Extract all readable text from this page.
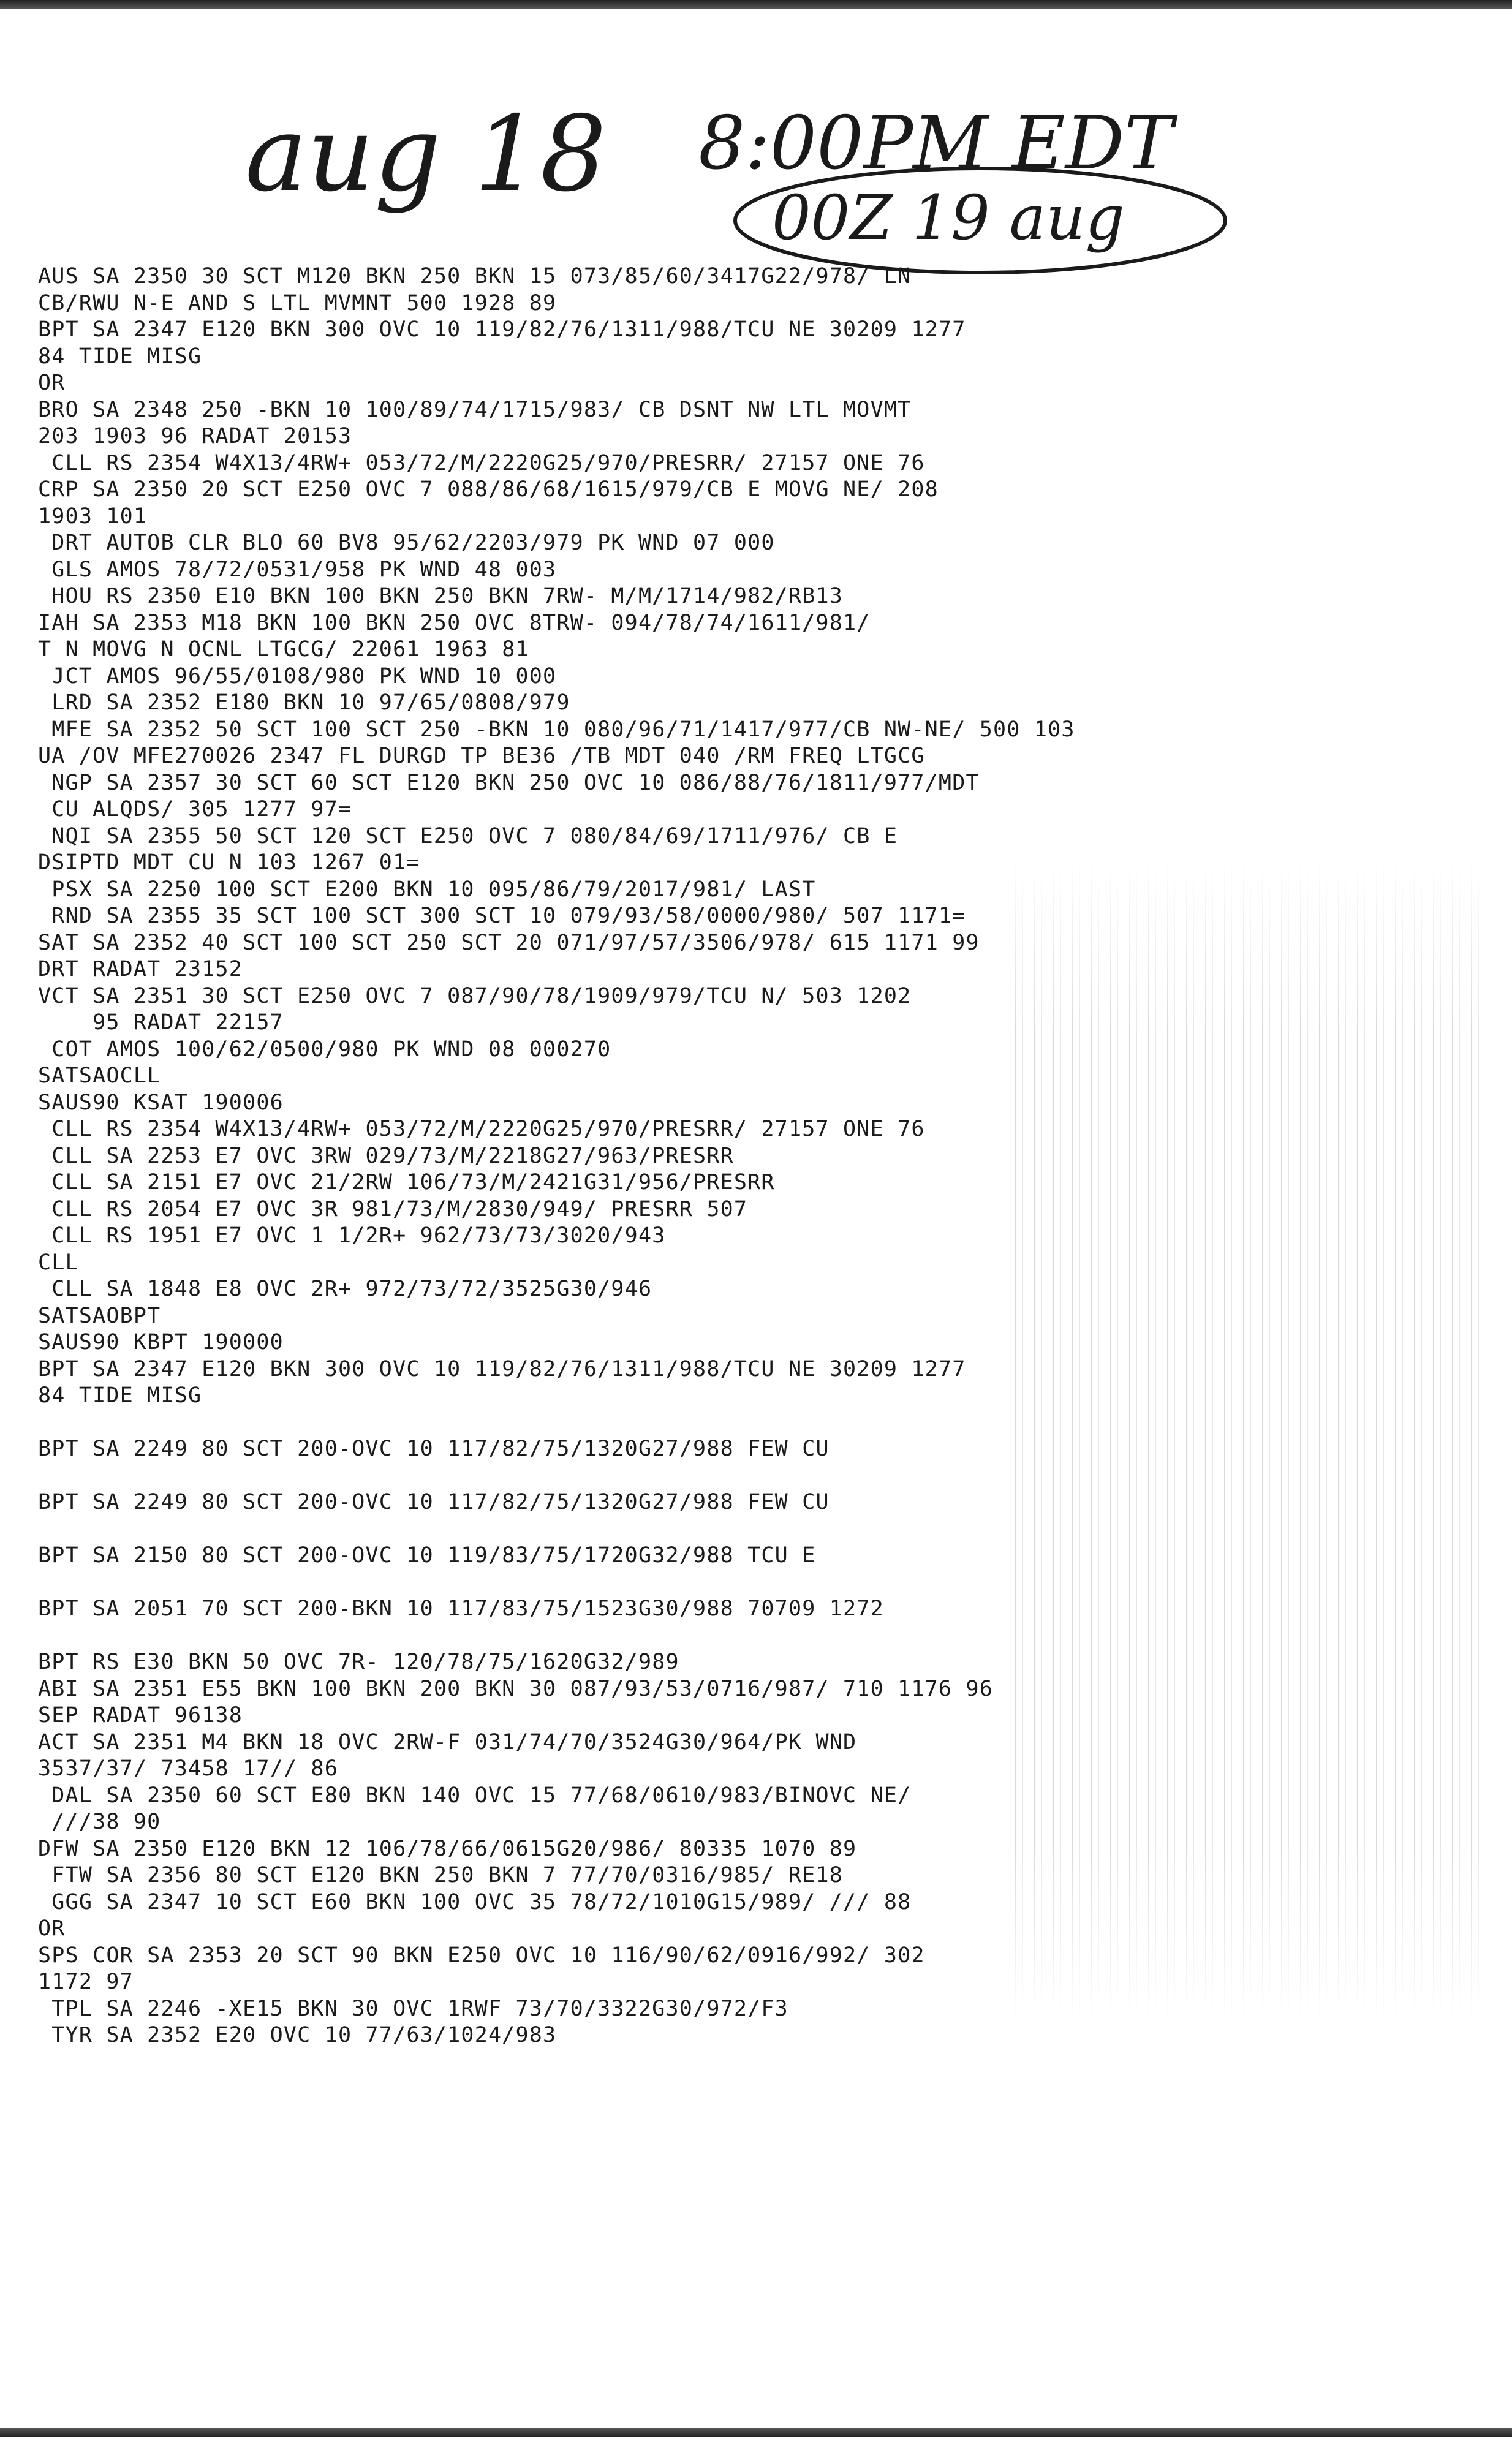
aug 18 8:00PM EDT
00Z 19 aug
AUS SA 2350 30 SCT M120 BKN 250 BKN 15 073/85/60/3417G22/978/ LN
CB/RWU N-E AND S LTL MVMNT 500 1928 89
BPT SA 2347 E120 BKN 300 OVC 10 119/82/76/1311/988/TCU NE 30209 1277
84 TIDE MISG
OR
BRO SA 2348 250 -BKN 10 100/89/74/1715/983/ CB DSNT NW LTL MOVMT
203 1903 96 RADAT 20153
CLL RS 2354 W4X13/4RW+ 053/72/M/2220G25/970/PRESRR/ 27157 ONE 76
CRP SA 2350 20 SCT E250 OVC 7 088/86/68/1615/979/CB E MOVG NE/ 208
1903 101
DRT AUTOB CLR BLO 60 BV8 95/62/2203/979 PK WND 07 000
GLS AMOS 78/72/0531/958 PK WND 48 003
HOU RS 2350 E10 BKN 100 BKN 250 BKN 7RW- M/M/1714/982/RB13
IAH SA 2353 M18 BKN 100 BKN 250 OVC 8TRW- 094/78/74/1611/981/
T N MOVG N OCNL LTGCG/ 22061 1963 81
JCT AMOS 96/55/0108/980 PK WND 10 000
LRD SA 2352 E180 BKN 10 97/65/0808/979
MFE SA 2352 50 SCT 100 SCT 250 -BKN 10 080/96/71/1417/977/CB NW-NE/ 500 103
UA /OV MFE270026 2347 FL DURGD TP BE36 /TB MDT 040 /RM FREQ LTGCG
NGP SA 2357 30 SCT 60 SCT E120 BKN 250 OVC 10 086/88/76/1811/977/MDT
CU ALQDS/ 305 1277 97=
NQI SA 2355 50 SCT 120 SCT E250 OVC 7 080/84/69/1711/976/ CB E
DSIPTD MDT CU N 103 1267 01=
PSX SA 2250 100 SCT E200 BKN 10 095/86/79/2017/981/ LAST
RND SA 2355 35 SCT 100 SCT 300 SCT 10 079/93/58/0000/980/ 507 1171=
SAT SA 2352 40 SCT 100 SCT 250 SCT 20 071/97/57/3506/978/ 615 1171 99
DRT RADAT 23152
VCT SA 2351 30 SCT E250 OVC 7 087/90/78/1909/979/TCU N/ 503 1202
95 RADAT 22157
COT AMOS 100/62/0500/980 PK WND 08 000270
SATSAOCLL
SAUS90 KSAT 190006
CLL RS 2354 W4X13/4RW+ 053/72/M/2220G25/970/PRESRR/ 27157 ONE 76
CLL SA 2253 E7 OVC 3RW 029/73/M/2218G27/963/PRESRR
CLL SA 2151 E7 OVC 21/2RW 106/73/M/2421G31/956/PRESRR
CLL RS 2054 E7 OVC 3R 981/73/M/2830/949/ PRESRR 507
CLL RS 1951 E7 OVC 1 1/2R+ 962/73/73/3020/943
CLL
CLL SA 1848 E8 OVC 2R+ 972/73/72/3525G30/946
SATSAOBPT
SAUS90 KBPT 190000
BPT SA 2347 E120 BKN 300 OVC 10 119/82/76/1311/988/TCU NE 30209 1277
84 TIDE MISG
BPT SA 2249 80 SCT 200-OVC 10 117/82/75/1320G27/988 FEW CU
BPT SA 2249 80 SCT 200-OVC 10 117/82/75/1320G27/988 FEW CU
BPT SA 2150 80 SCT 200-OVC 10 119/83/75/1720G32/988 TCU E
BPT SA 2051 70 SCT 200-BKN 10 117/83/75/1523G30/988 70709 1272
BPT RS E30 BKN 50 OVC 7R- 120/78/75/1620G32/989
ABI SA 2351 E55 BKN 100 BKN 200 BKN 30 087/93/53/0716/987/ 710 1176 96
SEP RADAT 96138
ACT SA 2351 M4 BKN 18 OVC 2RW-F 031/74/70/3524G30/964/PK WND
3537/37/ 73458 17// 86
DAL SA 2350 60 SCT E80 BKN 140 OVC 15 77/68/0610/983/BINOVC NE/
///38 90
DFW SA 2350 E120 BKN 12 106/78/66/0615G20/986/ 80335 1070 89
FTW SA 2356 80 SCT E120 BKN 250 BKN 7 77/70/0316/985/ RE18
GGG SA 2347 10 SCT E60 BKN 100 OVC 35 78/72/1010G15/989/ /// 88
OR
SPS COR SA 2353 20 SCT 90 BKN E250 OVC 10 116/90/62/0916/992/ 302
1172 97
TPL SA 2246 -XE15 BKN 30 OVC 1RWF 73/70/3322G30/972/F3
TYR SA 2352 E20 OVC 10 77/63/1024/983
